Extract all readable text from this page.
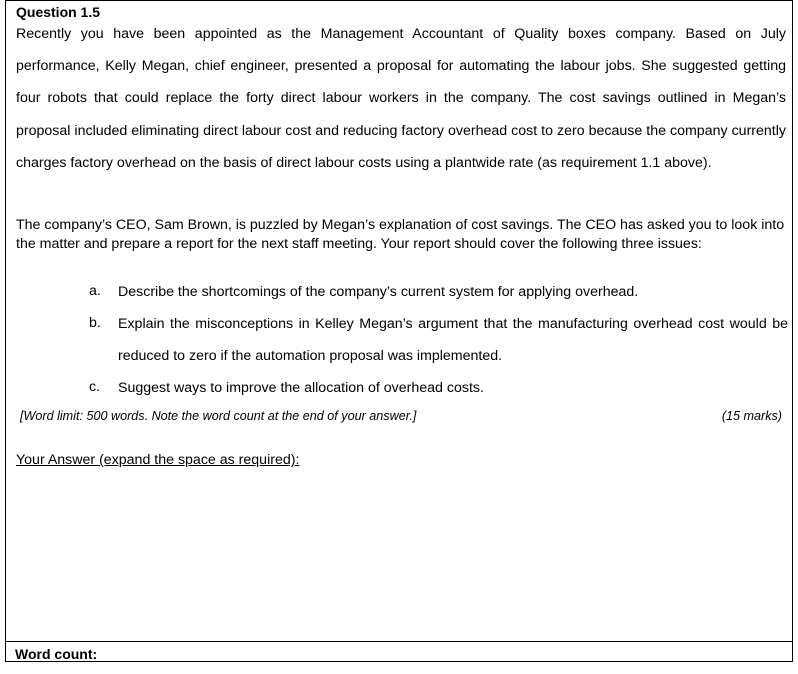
Question 1.5

Recently you have been appointed as the Management Accountant of Quality boxes company. Based on July performance, Kelly Megan, chief engineer, presented a proposal for automating the labour jobs. She suggested getting four robots that could replace the forty direct labour workers in the company. The cost savings outlined in Megan’s proposal included eliminating direct labour cost and reducing factory overhead cost to zero because the company currently charges factory overhead on the basis of direct labour costs using a plantwide rate (as requirement 1.1 above).

The company’s CEO, Sam Brown, is puzzled by Megan’s explanation of cost savings. The CEO has asked you to look into the matter and prepare a report for the next staff meeting. Your report should cover the following three issues:

a.	Describe the shortcomings of the company’s current system for applying overhead.
b.	Explain the misconceptions in Kelley Megan’s argument that the manufacturing overhead cost would be reduced to zero if the automation proposal was implemented.
c.	Suggest ways to improve the allocation of overhead costs.
[Word limit: 500 words. Note the word count at the end of your answer.]	(15 marks)
Your Answer (expand the space as required):
Word count:
